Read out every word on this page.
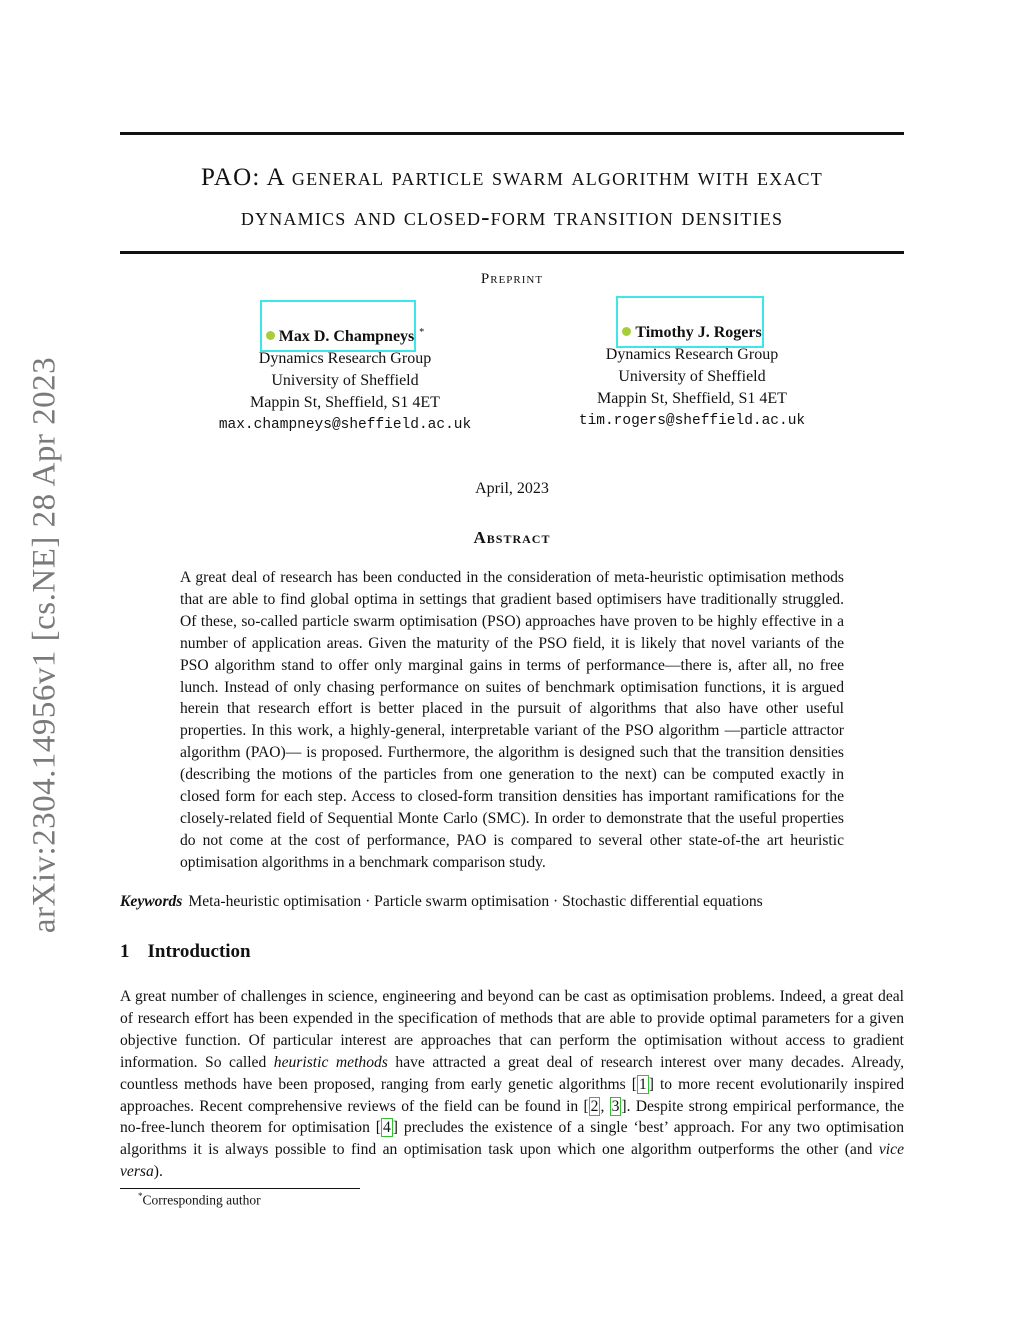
arXiv:2304.14956v1 [cs.NE] 28 Apr 2023
PAO: A general particle swarm algorithm with exact
dynamics and closed-form transition densities
Preprint
Max D. Champneys *
Dynamics Research Group
University of Sheffield
Mappin St, Sheffield, S1 4ET
max.champneys@sheffield.ac.uk
Timothy J. Rogers
Dynamics Research Group
University of Sheffield
Mappin St, Sheffield, S1 4ET
tim.rogers@sheffield.ac.uk
April, 2023
Abstract
A great deal of research has been conducted in the consideration of meta-heuristic optimisation methods that are able to find global optima in settings that gradient based optimisers have traditionally struggled. Of these, so-called particle swarm optimisation (PSO) approaches have proven to be highly effective in a number of application areas. Given the maturity of the PSO field, it is likely that novel variants of the PSO algorithm stand to offer only marginal gains in terms of performance—there is, after all, no free lunch. Instead of only chasing performance on suites of benchmark optimisation functions, it is argued herein that research effort is better placed in the pursuit of algorithms that also have other useful properties. In this work, a highly-general, interpretable variant of the PSO algorithm —particle attractor algorithm (PAO)— is proposed. Furthermore, the algorithm is designed such that the transition densities (describing the motions of the particles from one generation to the next) can be computed exactly in closed form for each step. Access to closed-form transition densities has important ramifications for the closely-related field of Sequential Monte Carlo (SMC). In order to demonstrate that the useful properties do not come at the cost of performance, PAO is compared to several other state-of-the art heuristic optimisation algorithms in a benchmark comparison study.
Keywords Meta-heuristic optimisation · Particle swarm optimisation · Stochastic differential equations
1 Introduction
A great number of challenges in science, engineering and beyond can be cast as optimisation problems. Indeed, a great deal of research effort has been expended in the specification of methods that are able to provide optimal parameters for a given objective function. Of particular interest are approaches that can perform the optimisation without access to gradient information. So called heuristic methods have attracted a great deal of research interest over many decades. Already, countless methods have been proposed, ranging from early genetic algorithms [ 1 ] to more recent evolutionarily inspired approaches. Recent comprehensive reviews of the field can be found in [ 2 , 3 ]. Despite strong empirical performance, the no-free-lunch theorem for optimisation [ 4 ] precludes the existence of a single ‘best’ approach. For any two optimisation algorithms it is always possible to find an optimisation task upon which one algorithm outperforms the other (and vice versa).
*Corresponding author
